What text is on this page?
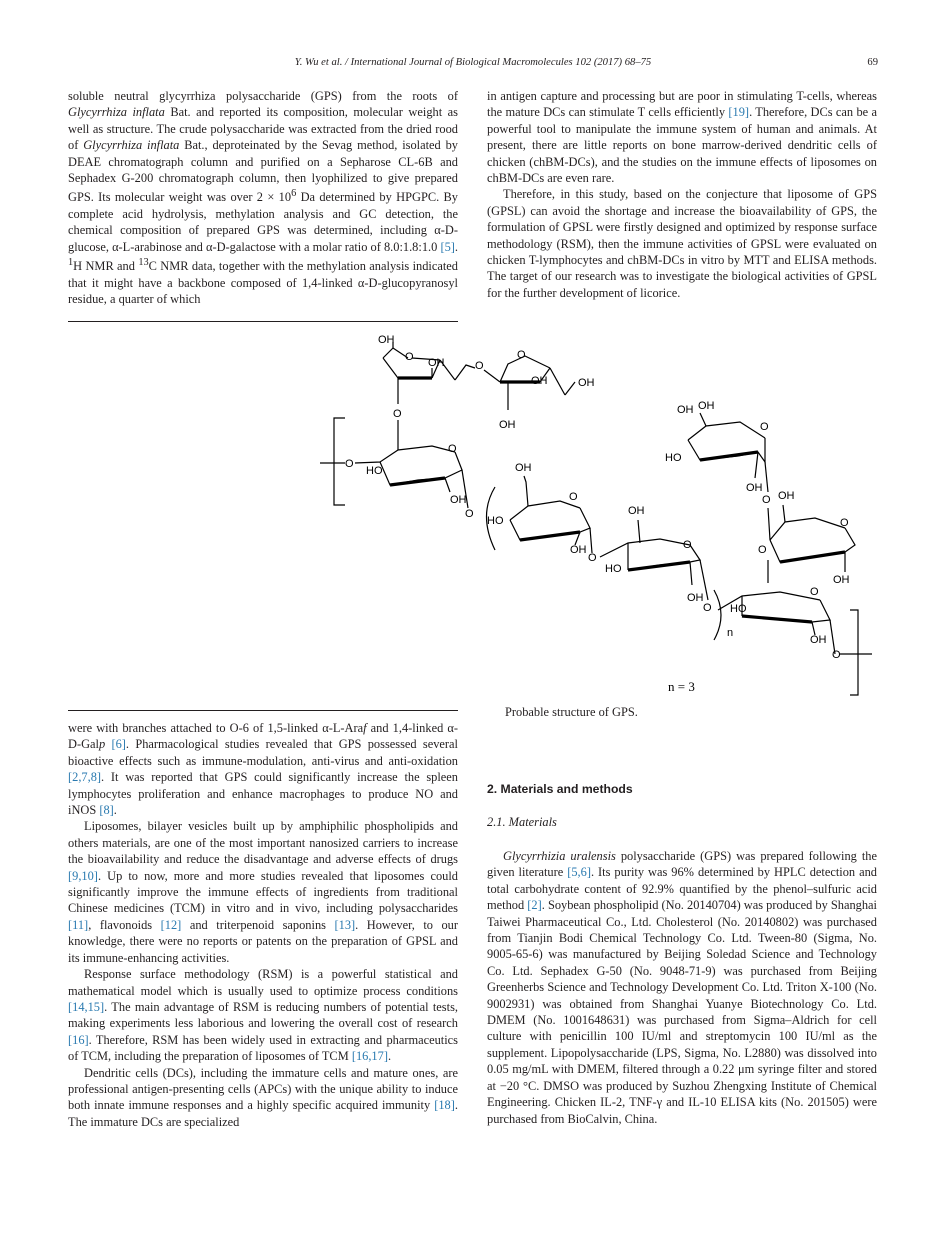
Y. Wu et al. / International Journal of Biological Macromolecules 102 (2017) 68–75	69

soluble neutral glycyrrhiza polysaccharide (GPS) from the roots of Glycyrrhiza inflata Bat. and reported its composition, molecular weight as well as structure. The crude polysaccharide was extracted from the dried rood of Glycyrrhiza inflata Bat., deproteinated by the Sevag method, isolated by DEAE chromatograph column and purified on a Sepharose CL-6B and Sephadex G-200 chromatograph column, then lyophilized to give prepared GPS. Its molecular weight was over $2 \times 10^6$ Da determined by HPGPC. By complete acid hydrolysis, methylation analysis and GC detection, the chemical composition of prepared GPS was determined, including α-D-glucose, α-L-arabinose and α-D-galactose with a molar ratio of 8.0:1.8:1.0 [5]. $^1$H NMR and $^{13}$C NMR data, together with the methylation analysis indicated that it might have a backbone composed of 1,4-linked α-D-glucopyranosyl residue, a quarter of which

in antigen capture and processing but are poor in stimulating T-cells, whereas the mature DCs can stimulate T cells efficiently [19]. Therefore, DCs can be a powerful tool to manipulate the immune system of human and animals. At present, there are little reports on bone marrow-derived dendritic cells of chicken (chBM-DCs), and the studies on the immune effects of liposomes on chBM-DCs are even rare.

Therefore, in this study, based on the conjecture that liposome of GPS (GPSL) can avoid the shortage and increase the bioavailability of GPS, the formulation of GPSL were firstly designed and optimized by response surface methodology (RSM), then the immune activities of GPSL were evaluated on chicken T-lymphocytes and chBM-DCs in vitro by MTT and ELISA methods. The target of our research was to investigate the biological activities of GPSL for the further development of licorice.

OH
O OH
O
O
O
OH	OH
OH
O
O
HO
OH
O
n
OH
O
HO
OH
O
OH
O
HO
OH
O
OH OH
O
HO
OH
O OH
O
O
OH
O
HO
OH
O
n = 3
Probable structure of GPS.

were with branches attached to O-6 of 1,5-linked α-L-Araf and 1,4-linked α-D-Galp [6]. Pharmacological studies revealed that GPS possessed several bioactive effects such as immune-modulation, anti-virus and anti-oxidation [2,7,8]. It was reported that GPS could significantly increase the spleen lymphocytes proliferation and enhance macrophages to produce NO and iNOS [8].

Liposomes, bilayer vesicles built up by amphiphilic phospholipids and others materials, are one of the most important nanosized carriers to increase the bioavailability and reduce the disadvantage and adverse effects of drugs [9,10]. Up to now, more and more studies revealed that liposomes could significantly improve the immune effects of ingredients from traditional Chinese medicines (TCM) in vitro and in vivo, including polysaccharides [11], flavonoids [12] and triterpenoid saponins [13]. However, to our knowledge, there were no reports or patents on the preparation of GPSL and its immune-enhancing activities.

Response surface methodology (RSM) is a powerful statistical and mathematical model which is usually used to optimize process conditions [14,15]. The main advantage of RSM is reducing numbers of potential tests, making experiments less laborious and lowering the overall cost of research [16]. Therefore, RSM has been widely used in extracting and pharmaceutics of TCM, including the preparation of liposomes of TCM [16,17].

Dendritic cells (DCs), including the immature cells and mature ones, are professional antigen-presenting cells (APCs) with the unique ability to induce both innate immune responses and a highly specific acquired immunity [18]. The immature DCs are specialized

2. Materials and methods
2.1. Materials

Glycyrrhizia uralensis polysaccharide (GPS) was prepared following the given literature [5,6]. Its purity was 96% determined by HPLC detection and total carbohydrate content of 92.9% quantified by the phenol–sulfuric acid method [2]. Soybean phospholipid (No. 20140704) was produced by Shanghai Taiwei Pharmaceutical Co., Ltd. Cholesterol (No. 20140802) was purchased from Tianjin Bodi Chemical Technology Co. Ltd. Tween-80 (Sigma, No. 9005-65-6) was manufactured by Beijing Soledad Science and Technology Co. Ltd. Sephadex G-50 (No. 9048-71-9) was purchased from Beijing Greenherbs Science and Technology Development Co. Ltd. Triton X-100 (No. 9002931) was obtained from Shanghai Yuanye Biotechnology Co. Ltd. DMEM (No. 1001648631) was purchased from Sigma–Aldrich for cell culture with penicillin 100 IU/ml and streptomycin 100 IU/ml as the supplement. Lipopolysaccharide (LPS, Sigma, No. L2880) was dissolved into 0.05 mg/mL with DMEM, filtered through a 0.22 μm syringe filter and stored at −20 °C. DMSO was produced by Suzhou Zhengxing Institute of Chemical Engineering. Chicken IL-2, TNF-γ and IL-10 ELISA kits (No. 201505) were purchased from BioCalvin, China.
